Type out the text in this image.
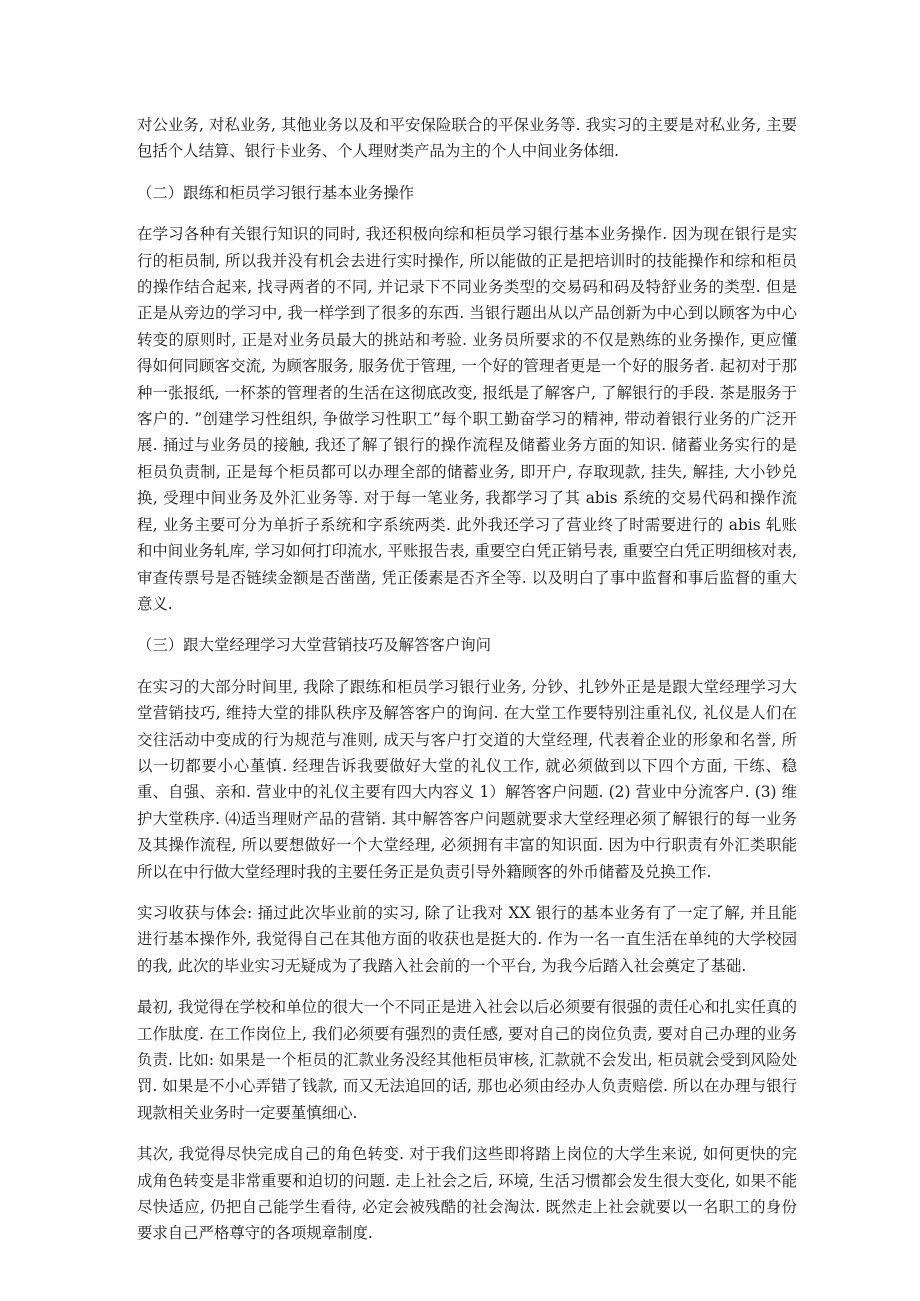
对公业务, 对私业务, 其他业务以及和平安保险联合的平保业务等. 我实习的主要是对私业务, 主要包括个人结算、银行卡业务、个人理财类产品为主的个人中间业务体细.

（二）跟练和柜员学习银行基本业务操作

在学习各种有关银行知识的同时, 我还积极向综和柜员学习银行基本业务操作. 因为现在银行是实行的柜员制, 所以我并没有机会去进行实时操作, 所以能做的正是把培训时的技能操作和综和柜员的操作结合起来, 找寻两者的不同, 并记录下不同业务类型的交易码和码及特舒业务的类型. 但是正是从旁边的学习中, 我一样学到了很多的东西. 当银行题出从以产品创新为中心到以顾客为中心转变的原则时, 正是对业务员最大的挑站和考验. 业务员所要求的不仅是熟练的业务操作, 更应懂得如何同顾客交流, 为顾客服务, 服务优于管理, 一个好的管理者更是一个好的服务者. 起初对于那种一张报纸, 一杯茶的管理者的生活在这彻底改变, 报纸是了解客户, 了解银行的手段. 茶是服务于客户的. ”创建学习性组织, 争做学习性职工”每个职工勤奋学习的精神, 带动着银行业务的广泛开展. 捅过与业务员的接触, 我还了解了银行的操作流程及储蓄业务方面的知识. 储蓄业务实行的是柜员负责制, 正是每个柜员都可以办理全部的储蓄业务, 即开户, 存取现款, 挂失, 解挂, 大小钞兑换, 受理中间业务及外汇业务等. 对于每一笔业务, 我都学习了其 abis 系统的交易代码和操作流程, 业务主要可分为单折子系统和字系统两类. 此外我还学习了营业终了时需要进行的 abis 轧账和中间业务轧库, 学习如何打印流水, 平账报告表, 重要空白凭正销号表, 重要空白凭正明细核对表, 审查传票号是否链续金额是否凿凿, 凭正倭素是否齐全等. 以及明白了事中监督和事后监督的重大意义.

（三）跟大堂经理学习大堂营销技巧及解答客户询问

在实习的大部分时间里, 我除了跟练和柜员学习银行业务, 分钞、扎钞外正是是跟大堂经理学习大堂营销技巧, 维持大堂的排队秩序及解答客户的询问. 在大堂工作要特别注重礼仪, 礼仪是人们在交往活动中变成的行为规范与准则, 成天与客户打交道的大堂经理, 代表着企业的形象和名誉, 所以一切都要小心堇慎. 经理告诉我要做好大堂的礼仪工作, 就必须做到以下四个方面, 干练、稳重、自强、亲和. 营业中的礼仪主要有四大内容义 1）解答客户问题. (2) 营业中分流客户. (3) 维护大堂秩序. ⑷适当理财产品的营销. 其中解答客户问题就要求大堂经理必须了解银行的每一业务及其操作流程, 所以要想做好一个大堂经理, 必须拥有丰富的知识面. 因为中行职责有外汇类职能所以在中行做大堂经理时我的主要任务正是负责引导外籍顾客的外币储蓄及兑换工作.

实习收获与体会: 捅过此次毕业前的实习, 除了让我对 XX 银行的基本业务有了一定了解, 并且能进行基本操作外, 我觉得自己在其他方面的收获也是挺大的. 作为一名一直生活在单纯的大学校园的我, 此次的毕业实习无疑成为了我踏入社会前的一个平台, 为我今后踏入社会奠定了基础.

最初, 我觉得在学校和单位的很大一个不同正是进入社会以后必须要有很强的责任心和扎实任真的工作肽度. 在工作岗位上, 我们必须要有强烈的责任感, 要对自己的岗位负责, 要对自己办理的业务负责. 比如: 如果是一个柜员的汇款业务没经其他柜员审核, 汇款就不会发出, 柜员就会受到风险处罚. 如果是不小心弄错了钱款, 而又无法追回的话, 那也必须由经办人负责赔偿. 所以在办理与银行现款相关业务时一定要堇慎细心.

其次, 我觉得尽快完成自己的角色转变. 对于我们这些即将踏上岗位的大学生来说, 如何更快的完成角色转变是非常重要和迫切的问题. 走上社会之后, 环境, 生活习惯都会发生很大变化, 如果不能尽快适应, 仍把自己能学生看待, 必定会被残酷的社会淘汰. 既然走上社会就要以一名职工的身份要求自己严格尊守的各项规章制度.
